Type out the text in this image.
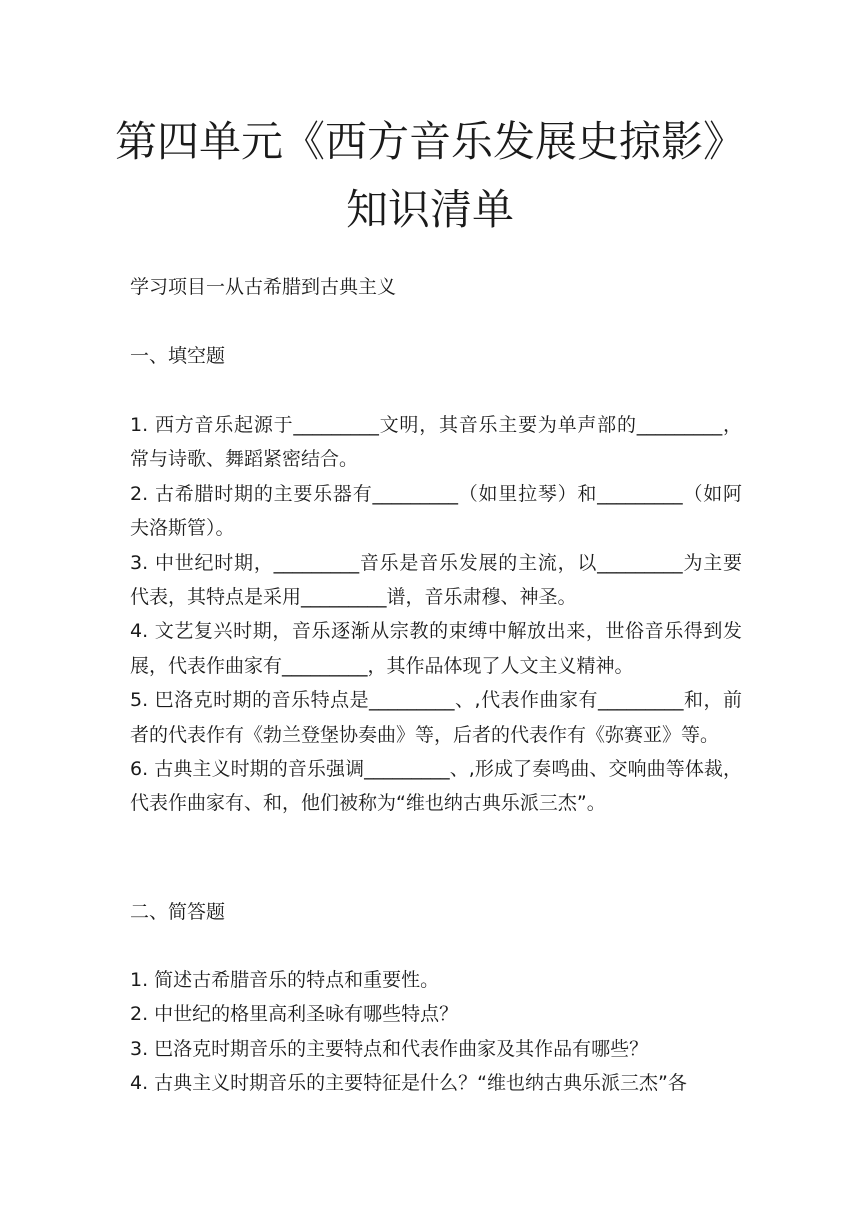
第四单元《西方音乐发展史掠影》知识清单

学习项目一从古希腊到古典主义

一、填空题

1. 西方音乐起源于_________文明，其音乐主要为单声部的_________，常与诗歌、舞蹈紧密结合。
2. 古希腊时期的主要乐器有_________（如里拉琴）和_________（如阿夫洛斯管）。
3. 中世纪时期，_________音乐是音乐发展的主流，以_________为主要代表，其特点是采用_________谱，音乐肃穆、神圣。
4. 文艺复兴时期，音乐逐渐从宗教的束缚中解放出来，世俗音乐得到发展，代表作曲家有_________，其作品体现了人文主义精神。
5. 巴洛克时期的音乐特点是_________、,代表作曲家有_________和，前者的代表作有《勃兰登堡协奏曲》等，后者的代表作有《弥赛亚》等。
6. 古典主义时期的音乐强调_________、,形成了奏鸣曲、交响曲等体裁，代表作曲家有、和，他们被称为“维也纳古典乐派三杰”。

二、简答题

1. 简述古希腊音乐的特点和重要性。
2. 中世纪的格里高利圣咏有哪些特点？
3. 巴洛克时期音乐的主要特点和代表作曲家及其作品有哪些？
4. 古典主义时期音乐的主要特征是什么？“维也纳古典乐派三杰”各
